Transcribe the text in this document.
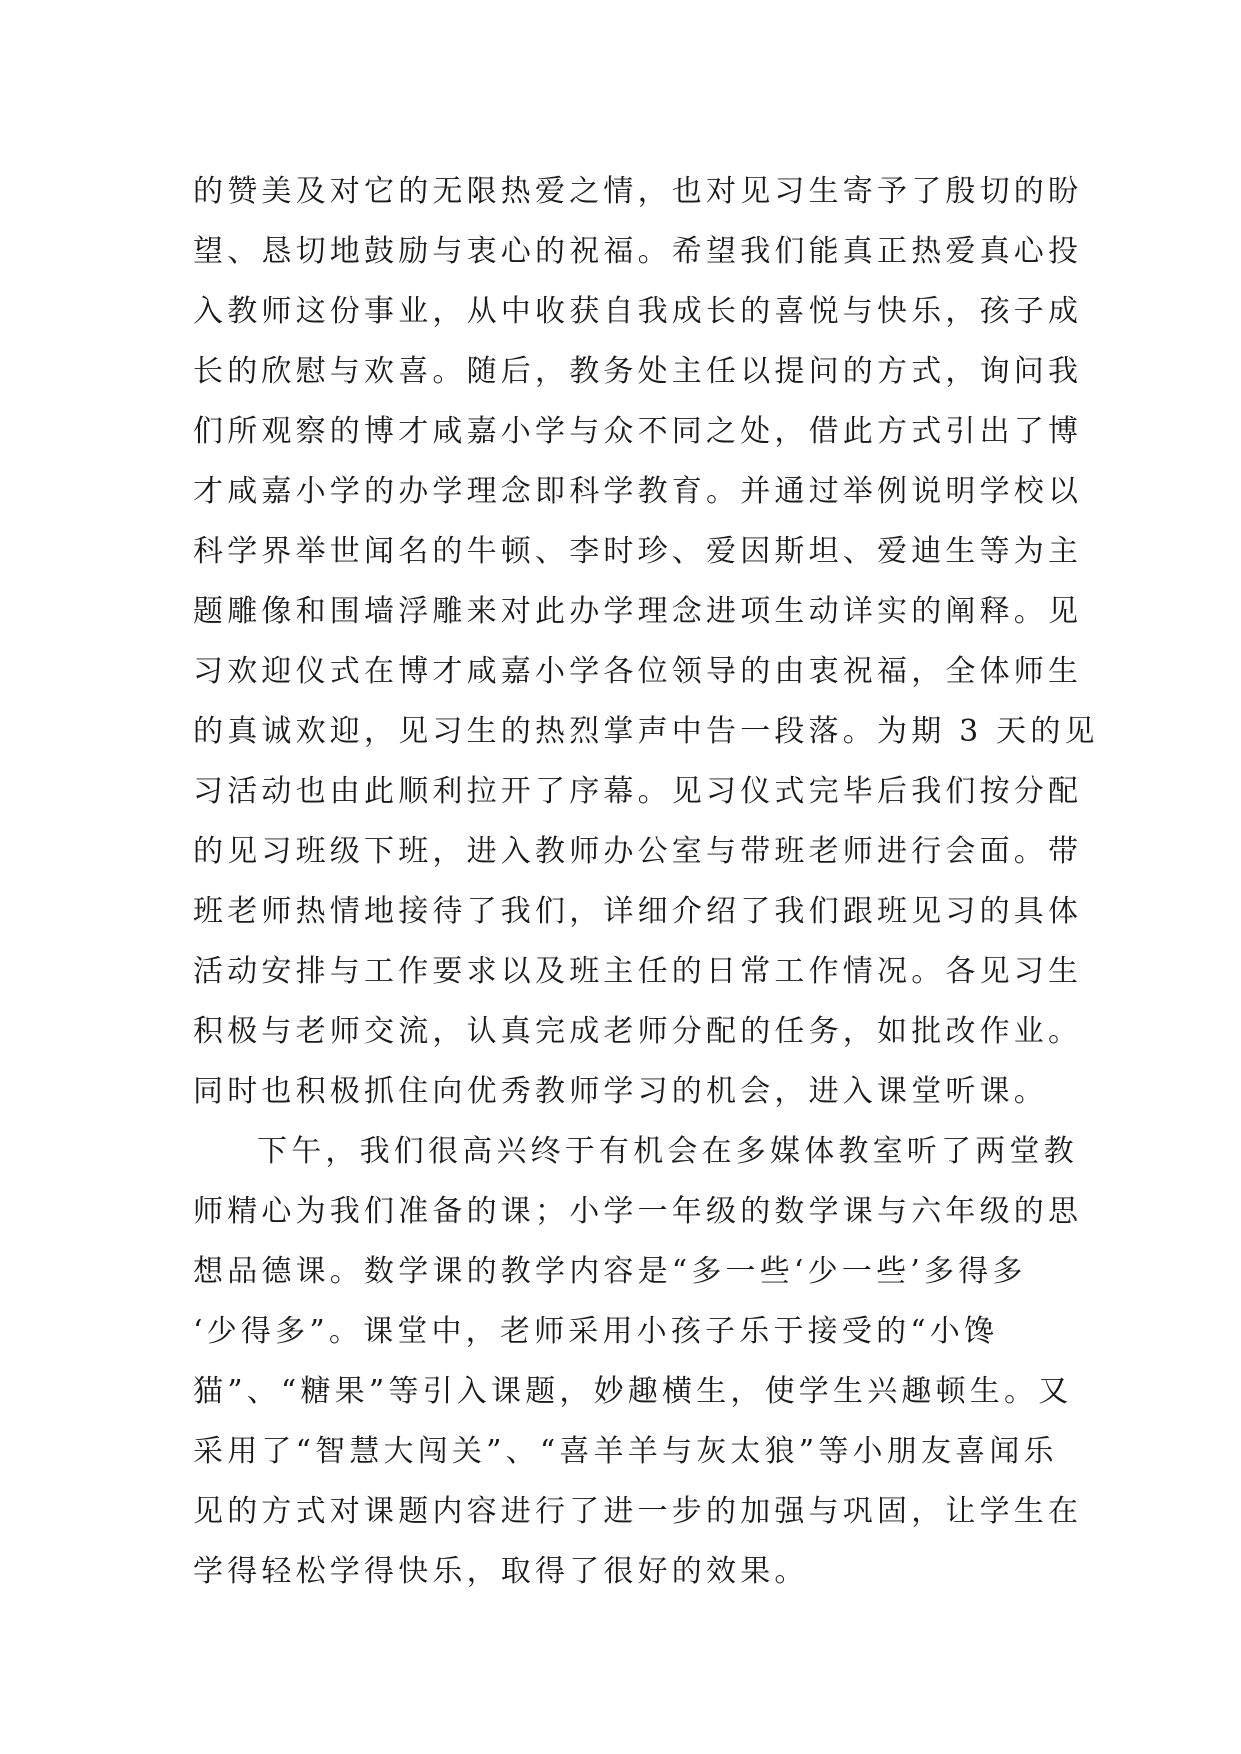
的赞美及对它的无限热爱之情，也对见习生寄予了殷切的盼
望、恳切地鼓励与衷心的祝福。希望我们能真正热爱真心投
入教师这份事业，从中收获自我成长的喜悦与快乐，孩子成
长的欣慰与欢喜。随后，教务处主任以提问的方式，询问我
们所观察的博才咸嘉小学与众不同之处，借此方式引出了博
才咸嘉小学的办学理念即科学教育。并通过举例说明学校以
科学界举世闻名的牛顿、李时珍、爱因斯坦、爱迪生等为主
题雕像和围墙浮雕来对此办学理念进项生动详实的阐释。见
习欢迎仪式在博才咸嘉小学各位领导的由衷祝福，全体师生
的真诚欢迎，见习生的热烈掌声中告一段落。为期 3 天的见
习活动也由此顺利拉开了序幕。见习仪式完毕后我们按分配
的见习班级下班，进入教师办公室与带班老师进行会面。带
班老师热情地接待了我们，详细介绍了我们跟班见习的具体
活动安排与工作要求以及班主任的日常工作情况。各见习生
积极与老师交流，认真完成老师分配的任务，如批改作业。
同时也积极抓住向优秀教师学习的机会，进入课堂听课。
下午，我们很高兴终于有机会在多媒体教室听了两堂教
师精心为我们准备的课；小学一年级的数学课与六年级的思
想品德课。数学课的教学内容是“多一些‘少一些’多得多
‘少得多”。课堂中，老师采用小孩子乐于接受的“小馋
猫”、“糖果”等引入课题，妙趣横生，使学生兴趣顿生。又
采用了“智慧大闯关”、“喜羊羊与灰太狼”等小朋友喜闻乐
见的方式对课题内容进行了进一步的加强与巩固，让学生在
学得轻松学得快乐，取得了很好的效果。
